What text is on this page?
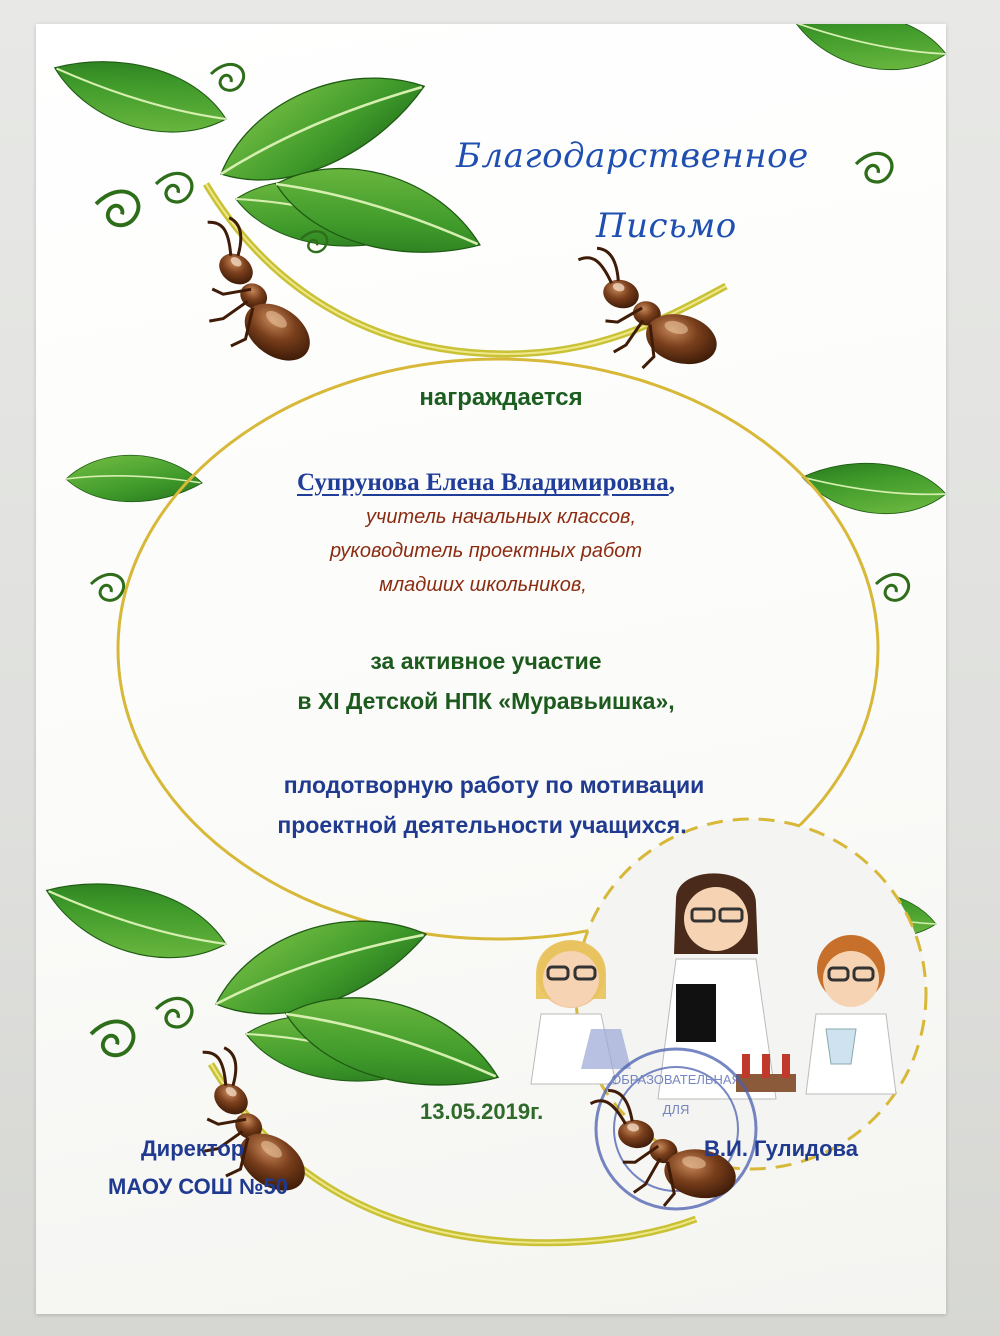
ОБРАЗОВАТЕЛЬНАЯ
ДЛЯ
Благодарственное
Письмо
награждается
Супрунова Елена Владимировна,
учитель начальных классов,
руководитель проектных работ
младших школьников,
за активное участие
в XI Детской НПК «Муравьишка»,
плодотворную работу по мотивации
проектной деятельности учащихся.
13.05.2019г.
Директор
МАОУ СОШ №50
В.И. Гулидова
